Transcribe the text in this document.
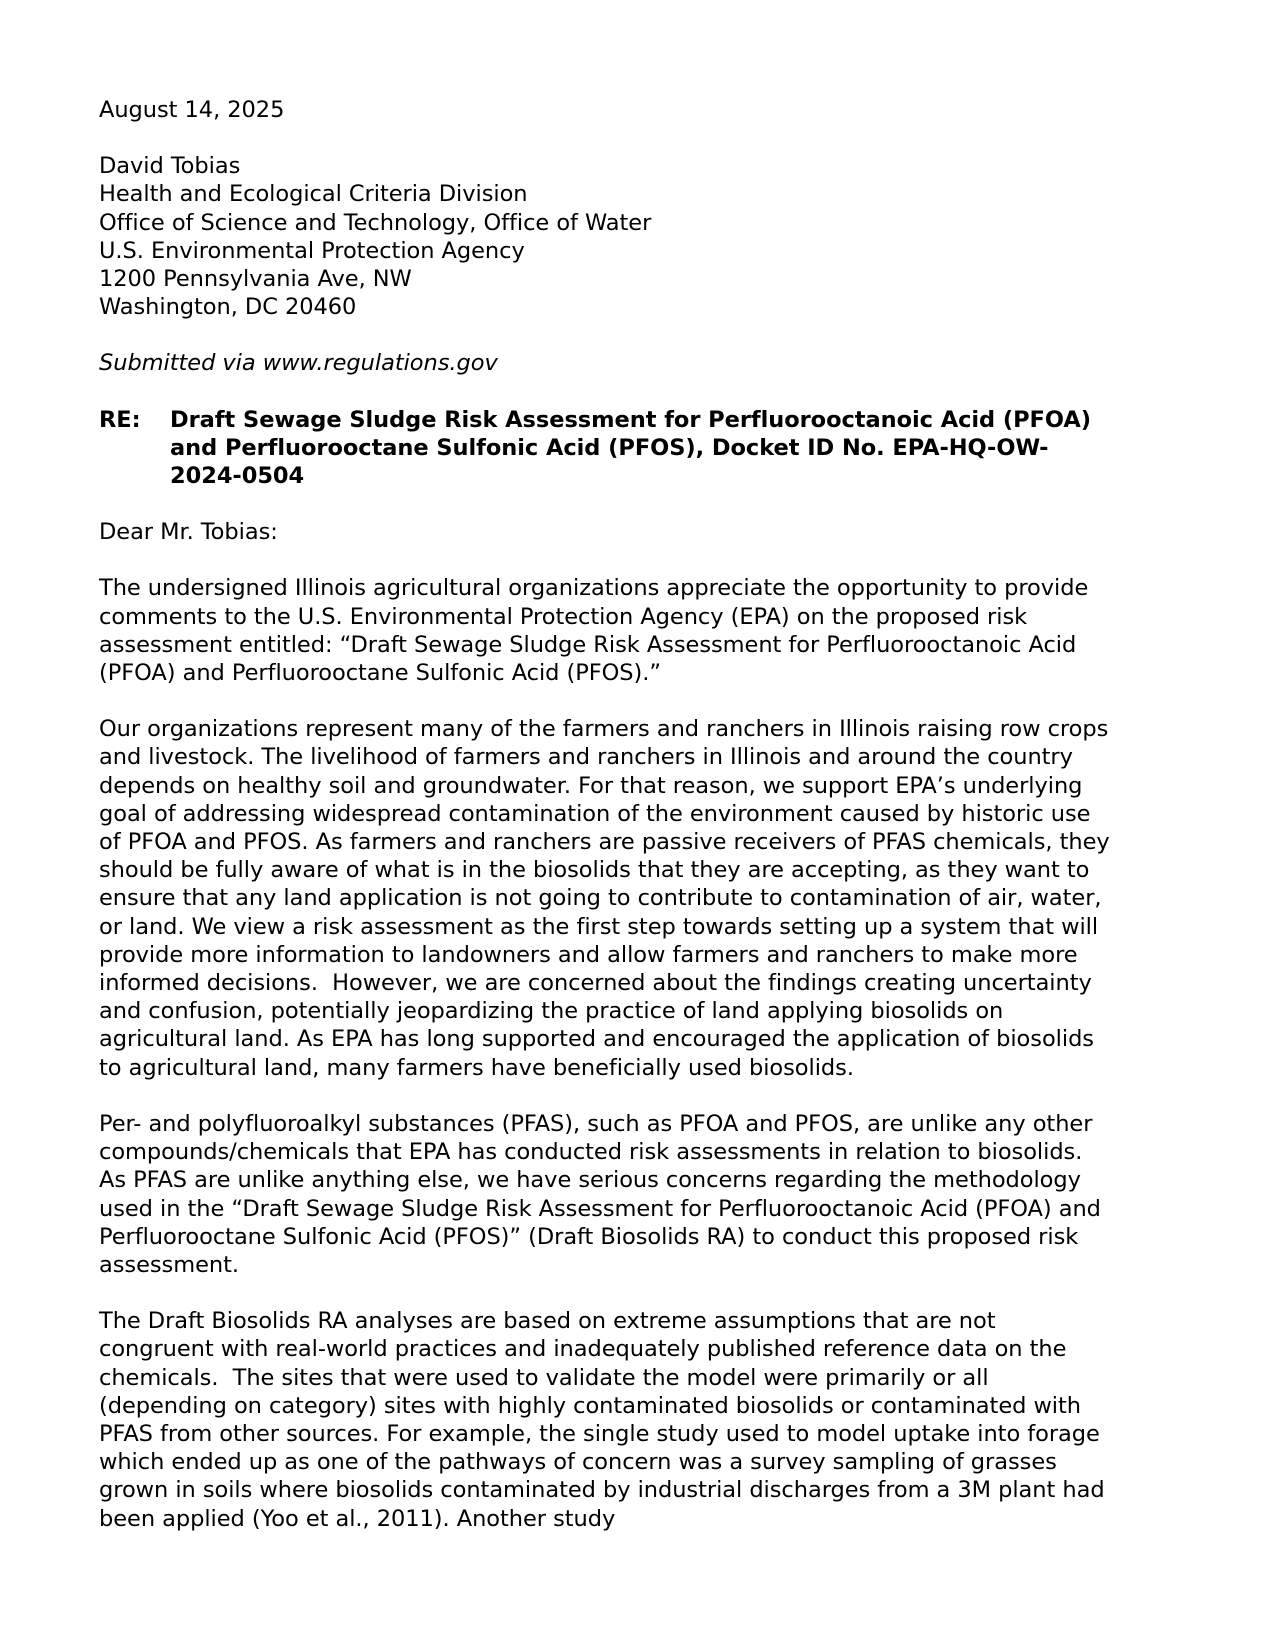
August 14, 2025
David Tobias
Health and Ecological Criteria Division
Office of Science and Technology, Office of Water
U.S. Environmental Protection Agency
1200 Pennsylvania Ave, NW
Washington, DC 20460
Submitted via www.regulations.gov
RE:	Draft Sewage Sludge Risk Assessment for Perfluorooctanoic Acid (PFOA) and Perfluorooctane Sulfonic Acid (PFOS), Docket ID No. EPA-HQ-OW-2024-0504
Dear Mr. Tobias:

The undersigned Illinois agricultural organizations appreciate the opportunity to provide comments to the U.S. Environmental Protection Agency (EPA) on the proposed risk assessment entitled: “Draft Sewage Sludge Risk Assessment for Perfluorooctanoic Acid (PFOA) and Perfluorooctane Sulfonic Acid (PFOS).”

Our organizations represent many of the farmers and ranchers in Illinois raising row crops and livestock. The livelihood of farmers and ranchers in Illinois and around the country depends on healthy soil and groundwater. For that reason, we support EPA’s underlying goal of addressing widespread contamination of the environment caused by historic use of PFOA and PFOS. As farmers and ranchers are passive receivers of PFAS chemicals, they should be fully aware of what is in the biosolids that they are accepting, as they want to ensure that any land application is not going to contribute to contamination of air, water, or land. We view a risk assessment as the first step towards setting up a system that will provide more information to landowners and allow farmers and ranchers to make more informed decisions.  However, we are concerned about the findings creating uncertainty and confusion, potentially jeopardizing the practice of land applying biosolids on agricultural land. As EPA has long supported and encouraged the application of biosolids to agricultural land, many farmers have beneficially used biosolids.

Per- and polyfluoroalkyl substances (PFAS), such as PFOA and PFOS, are unlike any other compounds/chemicals that EPA has conducted risk assessments in relation to biosolids. As PFAS are unlike anything else, we have serious concerns regarding the methodology used in the “Draft Sewage Sludge Risk Assessment for Perfluorooctanoic Acid (PFOA) and Perfluorooctane Sulfonic Acid (PFOS)” (Draft Biosolids RA) to conduct this proposed risk assessment.

The Draft Biosolids RA analyses are based on extreme assumptions that are not congruent with real-world practices and inadequately published reference data on the chemicals.  The sites that were used to validate the model were primarily or all (depending on category) sites with highly contaminated biosolids or contaminated with PFAS from other sources. For example, the single study used to model uptake into forage which ended up as one of the pathways of concern was a survey sampling of grasses grown in soils where biosolids contaminated by industrial discharges from a 3M plant had been applied (Yoo et al., 2011). Another study
